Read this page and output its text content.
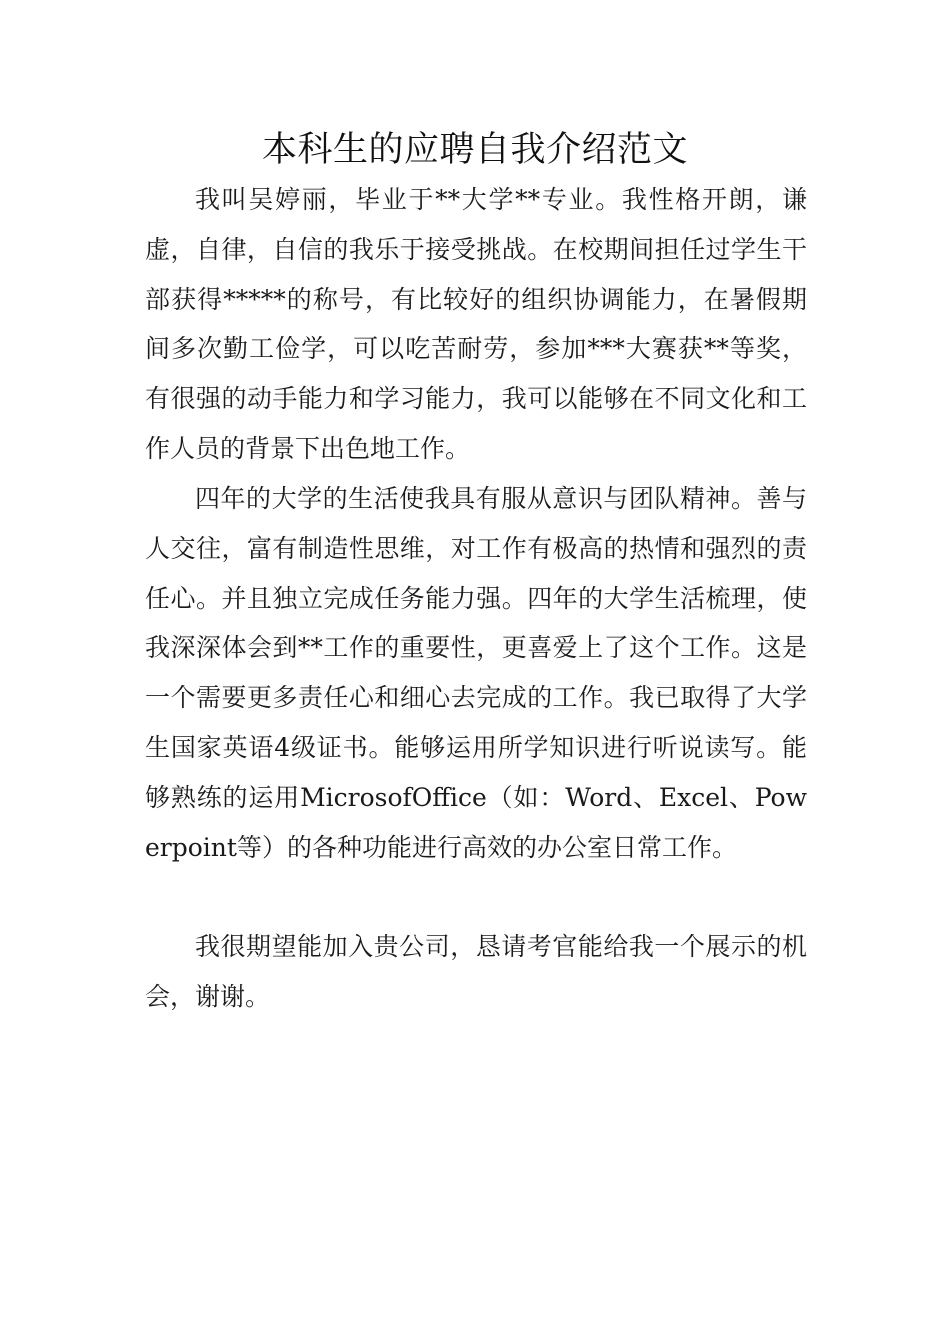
本科生的应聘自我介绍范文

我叫吴婷丽，毕业于**大学**专业。我性格开朗，谦虚，自律，自信的我乐于接受挑战。在校期间担任过学生干部获得*****的称号，有比较好的组织协调能力，在暑假期间多次勤工俭学，可以吃苦耐劳，参加***大赛获**等奖，有很强的动手能力和学习能力，我可以能够在不同文化和工作人员的背景下出色地工作。

四年的大学的生活使我具有服从意识与团队精神。善与人交往，富有制造性思维，对工作有极高的热情和强烈的责任心。并且独立完成任务能力强。四年的大学生活梳理，使我深深体会到**工作的重要性，更喜爱上了这个工作。这是一个需要更多责任心和细心去完成的工作。我已取得了大学生国家英语4级证书。能够运用所学知识进行听说读写。能够熟练的运用MicrosofOffice（如：Word、Excel、Powerpoint等）的各种功能进行高效的办公室日常工作。

我很期望能加入贵公司，恳请考官能给我一个展示的机会，谢谢。
